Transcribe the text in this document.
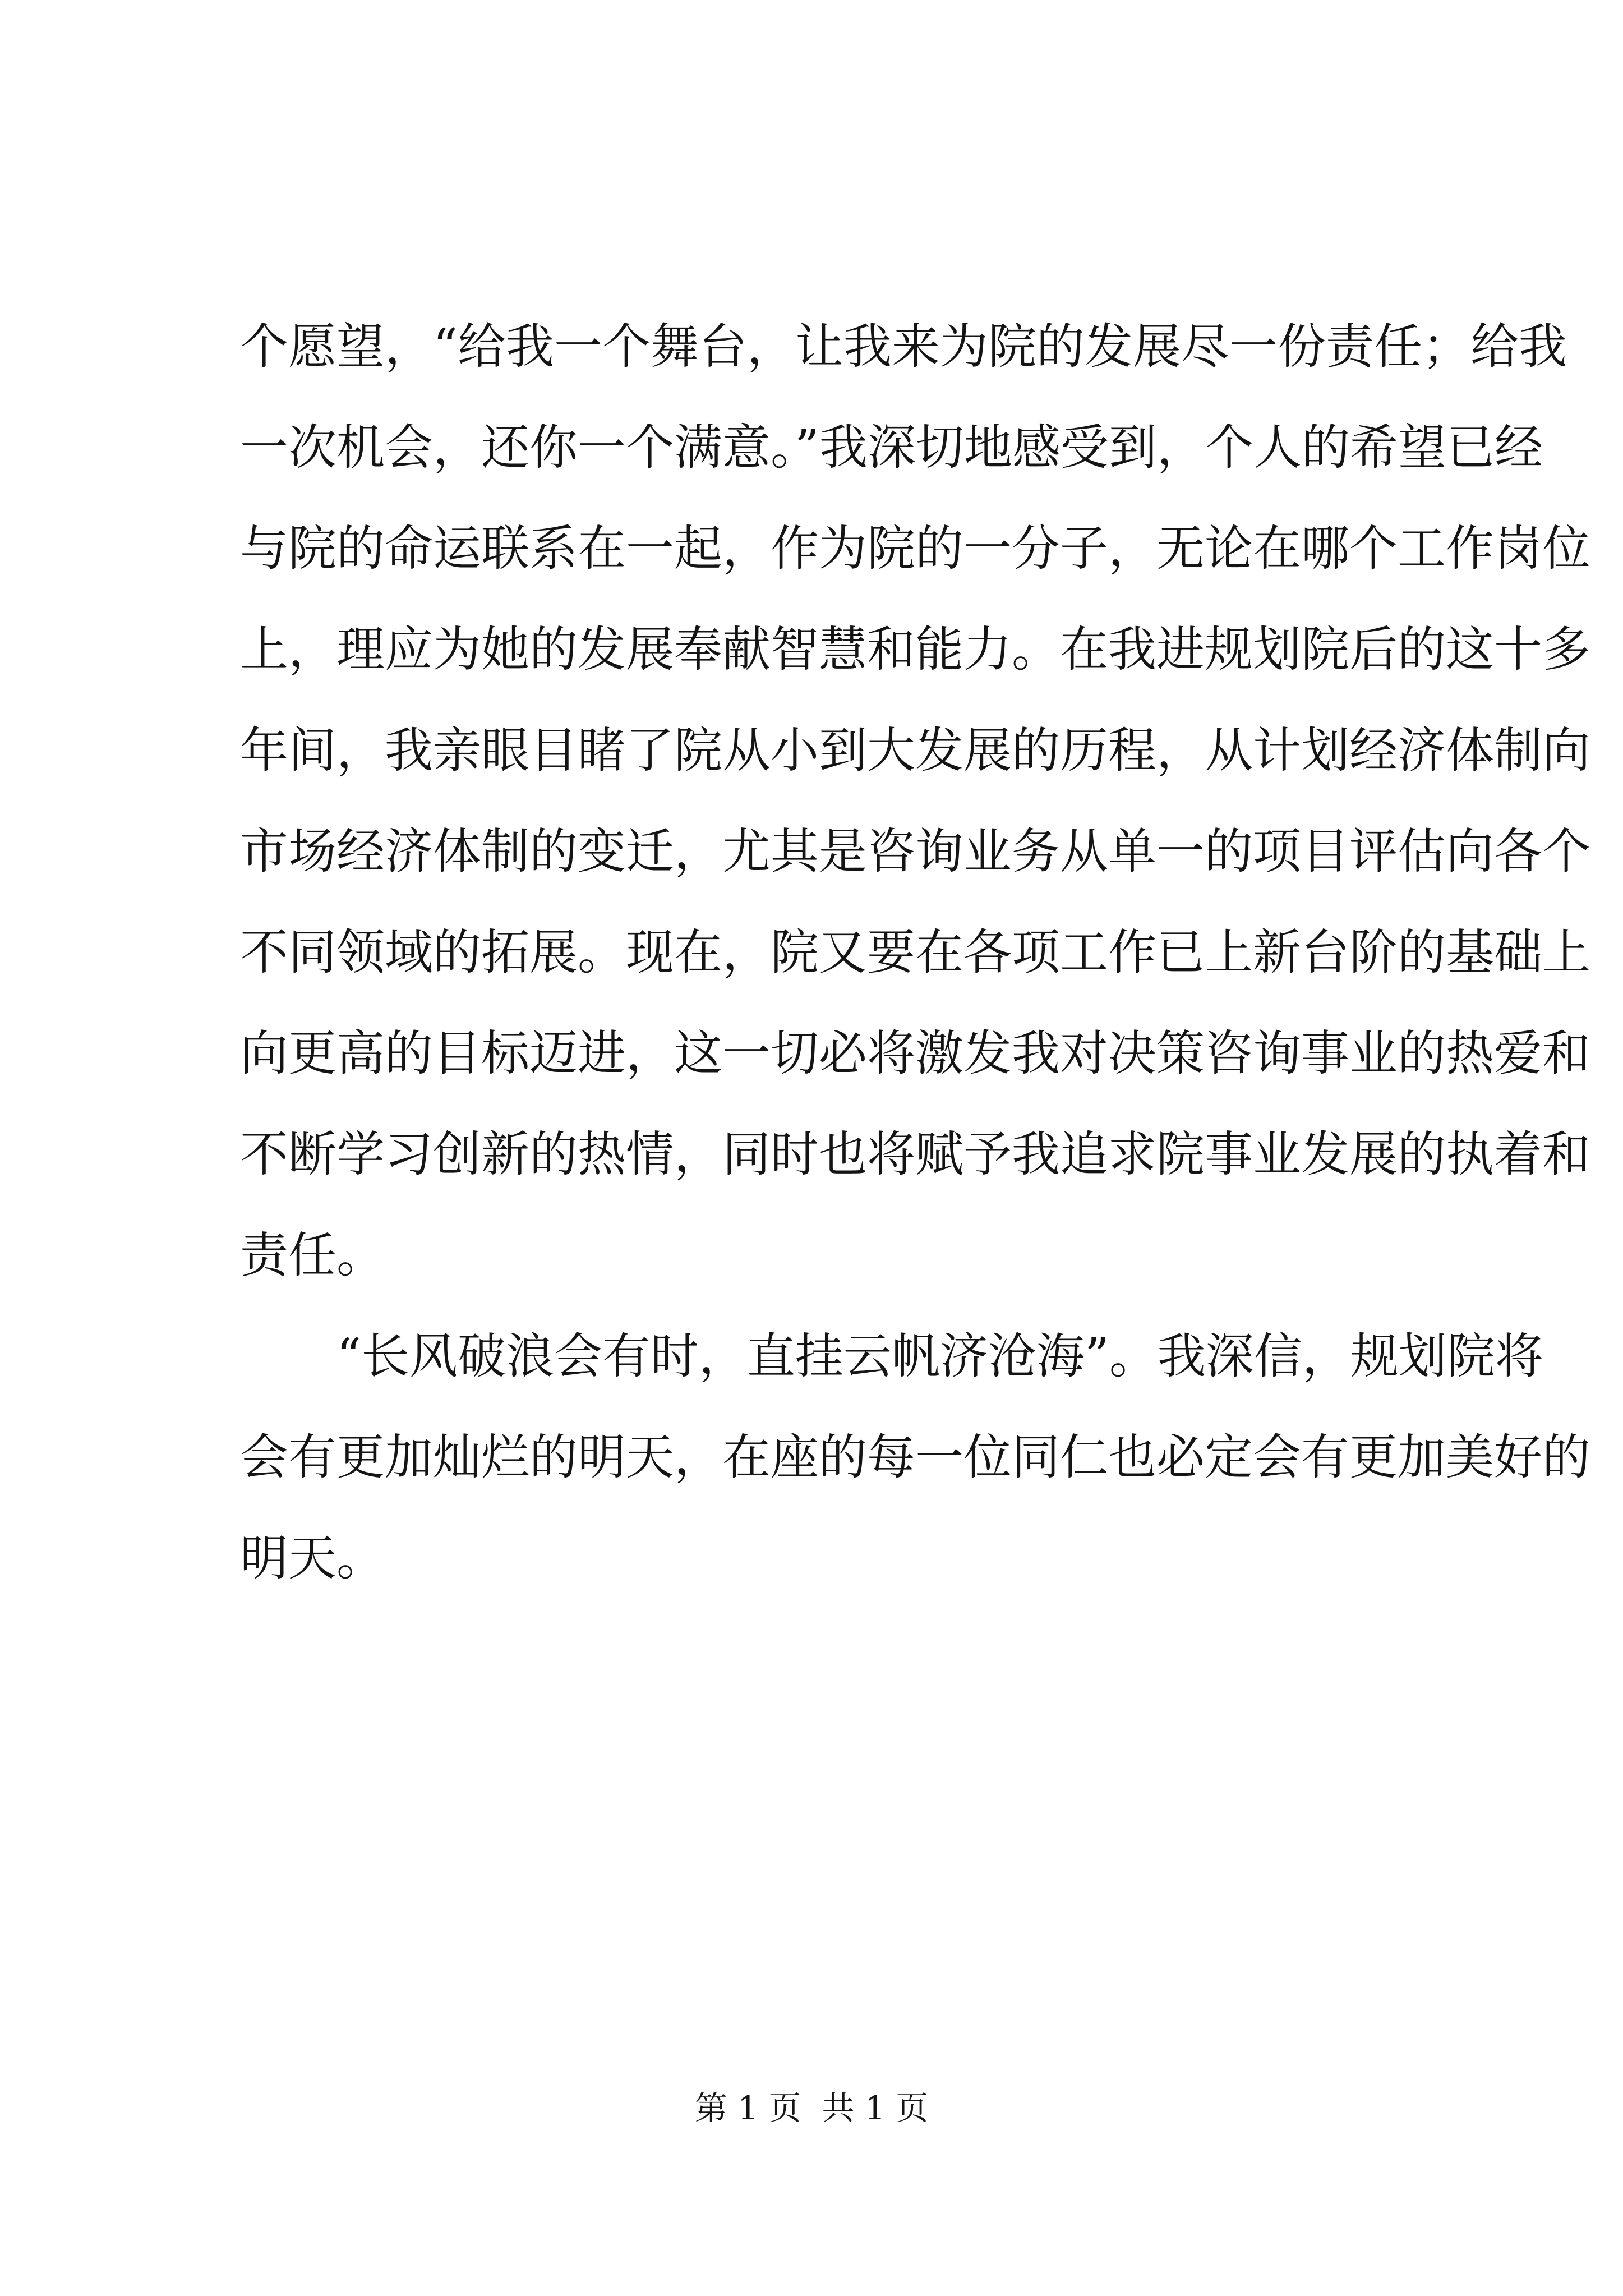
个愿望，“给我一个舞台，让我来为院的发展尽一份责任；给我
一次机会，还你一个满意。”我深切地感受到，个人的希望已经
与院的命运联系在一起，作为院的一分子，无论在哪个工作岗位
上，理应为她的发展奉献智慧和能力。在我进规划院后的这十多
年间，我亲眼目睹了院从小到大发展的历程，从计划经济体制向
市场经济体制的变迁，尤其是咨询业务从单一的项目评估向各个
不同领域的拓展。现在，院又要在各项工作已上新台阶的基础上
向更高的目标迈进，这一切必将激发我对决策咨询事业的热爱和
不断学习创新的热情，同时也将赋予我追求院事业发展的执着和
责任。
“长风破浪会有时，直挂云帆济沧海”。我深信，规划院将
会有更加灿烂的明天，在座的每一位同仁也必定会有更加美好的
明天。
第 1 页 共 1 页
